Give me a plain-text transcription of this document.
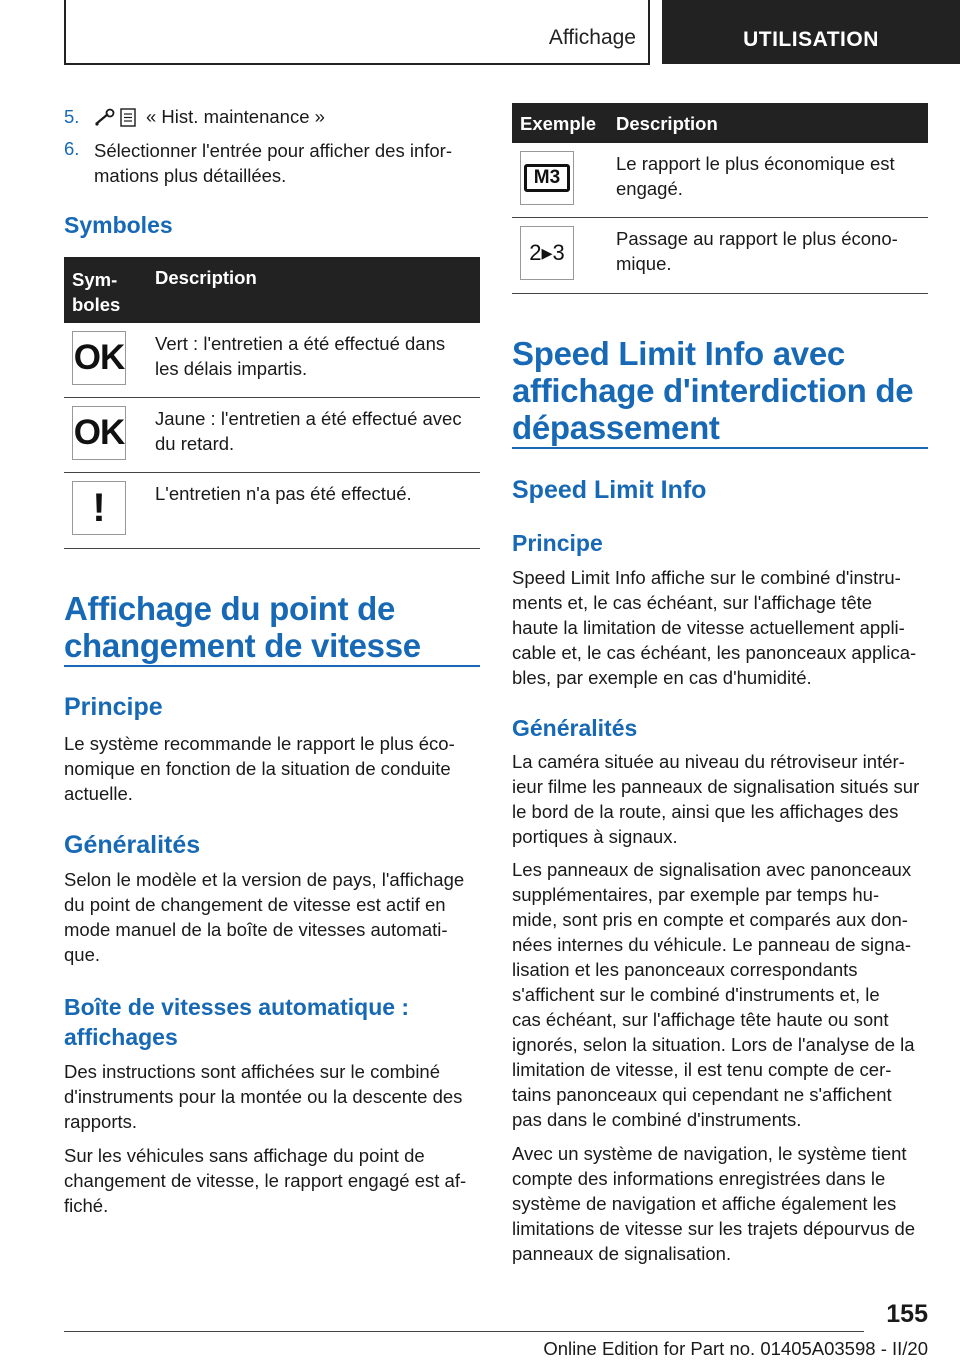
Affichage	UTILISATION
5.	« Hist. maintenance »
6. Sélectionner l'entrée pour afficher des infor-
mations plus détaillées.

Symboles
Sym-
boles
Description
OK Vert : l'entretien a été effectué dans
les délais impartis.

OK Jaune : l'entretien a été effectué avec
du retard.

!	L'entretien n'a pas été effectué.

Affichage du point de
changement de vitesse
Principe

Le système recommande le rapport le plus éco-
nomique en fonction de la situation de conduite
actuelle.

Généralités

Selon le modèle et la version de pays, l'affichage
du point de changement de vitesse est actif en
mode manuel de la boîte de vitesses automati-
que.

Boîte de vitesses automatique :
affichages

Des instructions sont affichées sur le combiné
d'instruments pour la montée ou la descente des
rapports.

Sur les véhicules sans affichage du point de
changement de vitesse, le rapport engagé est af-
fiché.

Exemple Description
M3

Le rapport le plus économique est
engagé.

2▸3

Passage au rapport le plus écono-
mique.

Speed Limit Info avec
affichage d'interdiction de
dépassement
Speed Limit Info
Principe

Speed Limit Info affiche sur le combiné d'instru-
ments et, le cas échéant, sur l'affichage tête
haute la limitation de vitesse actuellement appli-
cable et, le cas échéant, les panonceaux applica-
bles, par exemple en cas d'humidité.

Généralités

La caméra située au niveau du rétroviseur intér-
ieur filme les panneaux de signalisation situés sur
le bord de la route, ainsi que les affichages des
portiques à signaux.

Les panneaux de signalisation avec panonceaux
supplémentaires, par exemple par temps hu-
mide, sont pris en compte et comparés aux don-
nées internes du véhicule. Le panneau de signa-
lisation et les panonceaux correspondants
s'affichent sur le combiné d'instruments et, le
cas échéant, sur l'affichage tête haute ou sont
ignorés, selon la situation. Lors de l'analyse de la
limitation de vitesse, il est tenu compte de cer-
tains panonceaux qui cependant ne s'affichent
pas dans le combiné d'instruments.

Avec un système de navigation, le système tient
compte des informations enregistrées dans le
système de navigation et affiche également les
limitations de vitesse sur les trajets dépourvus de
panneaux de signalisation.

155
Online Edition for Part no. 01405A03598 - II/20
